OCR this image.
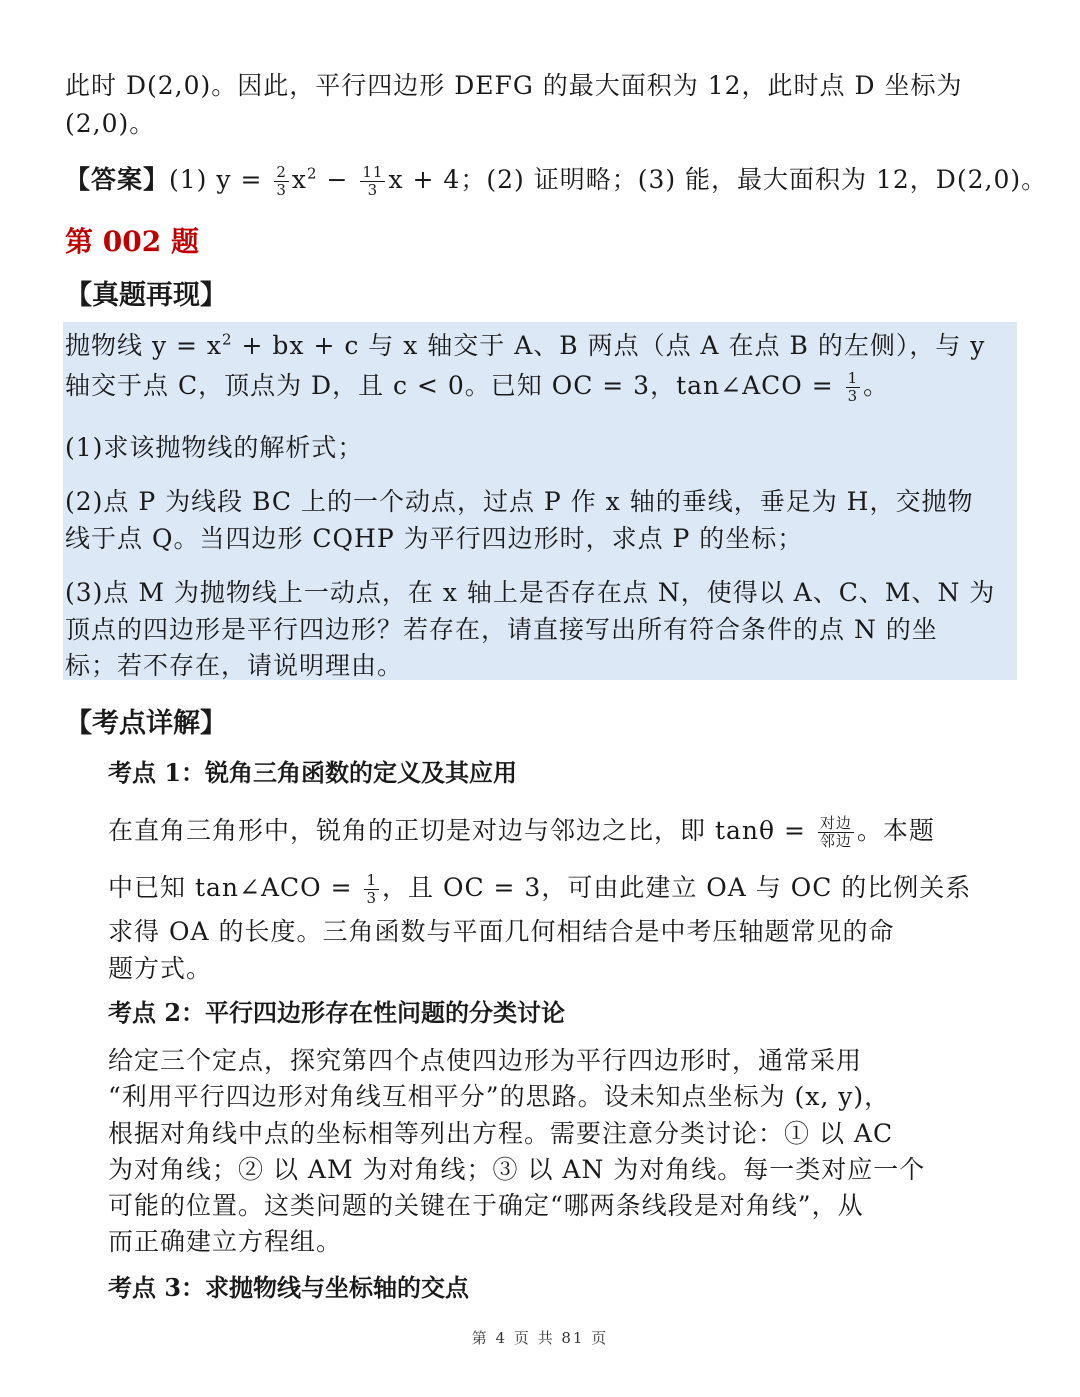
此时 D(2,0)。因此，平行四边形 DEFG 的最大面积为 12，此时点 D 坐标为
(2,0)。
【答案】(1) $y = \frac{2}{3} x^2 - \frac{11}{3}$ x + 4；(2) 证明略；(3) 能，最大面积为 12，D(2,0)。
第 002 题
【真题再现】
抛物线 $y = x^2$ + bx + c 与 x 轴交于 A、B 两点（点 A 在点 B 的左侧），与 y
轴交于点 C，顶点为 D，且 c < 0。已知 OC = 3，tan∠ACO = $\frac{1}{3}$ 。
(1)求该抛物线的解析式；
(2)点 P 为线段 BC 上的一个动点，过点 P 作 x 轴的垂线，垂足为 H，交抛物
线于点 Q。当四边形 CQHP 为平行四边形时，求点 P 的坐标；
(3)点 M 为抛物线上一动点，在 x 轴上是否存在点 N，使得以 A、C、M、N 为
顶点的四边形是平行四边形？若存在，请直接写出所有符合条件的点 N 的坐
标；若不存在，请说明理由。
【考点详解】
考点 1：锐角三角函数的定义及其应用
在直角三角形中，锐角的正切是对边与邻边之比，即 $\tan\theta = \frac{\text{对边}}{\text{邻边}}$ 。本题
中已知 tan∠ACO = $\frac{1}{3}$ ，且 OC = 3，可由此建立 OA 与 OC 的比例关系
求得 OA 的长度。三角函数与平面几何相结合是中考压轴题常见的命
题方式。
考点 2：平行四边形存在性问题的分类讨论
给定三个定点，探究第四个点使四边形为平行四边形时，通常采用
“利用平行四边形对角线互相平分”的思路。设未知点坐标为 (x, y)，
根据对角线中点的坐标相等列出方程。需要注意分类讨论：① 以 AC
为对角线；② 以 AM 为对角线；③ 以 AN 为对角线。每一类对应一个
可能的位置。这类问题的关键在于确定“哪两条线段是对角线”，从
而正确建立方程组。
考点 3：求抛物线与坐标轴的交点
第 4 页 共 81 页
